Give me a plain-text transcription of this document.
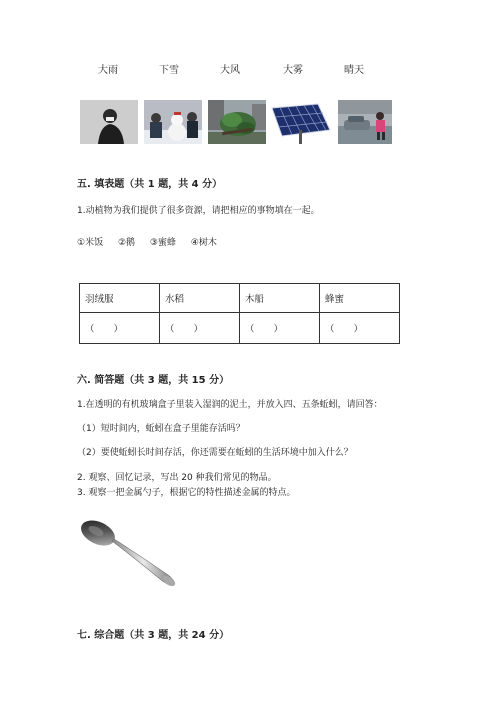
大雨	下雪	大风	大雾	晴天
五. 填表题（共 1 题，共 4 分）
1.动植物为我们提供了很多资源，请把相应的事物填在一起。
①米饭 ②鹅 ③蜜蜂 ④树木
羽绒服	水稻	木船	蜂蜜
（　　）	（　　）	（　　）	（　　）
六. 简答题（共 3 题，共 15 分）
1.在透明的有机玻璃盒子里装入湿润的泥土，并放入四、五条蚯蚓，请回答：
（1）短时间内，蚯蚓在盒子里能存活吗？
（2）要使蚯蚓长时间存活，你还需要在蚯蚓的生活环境中加入什么？
2. 观察、回忆记录，写出 20 种我们常见的物品。
3. 观察一把金属勺子，根据它的特性描述金属的特点。
七. 综合题（共 3 题，共 24 分）
